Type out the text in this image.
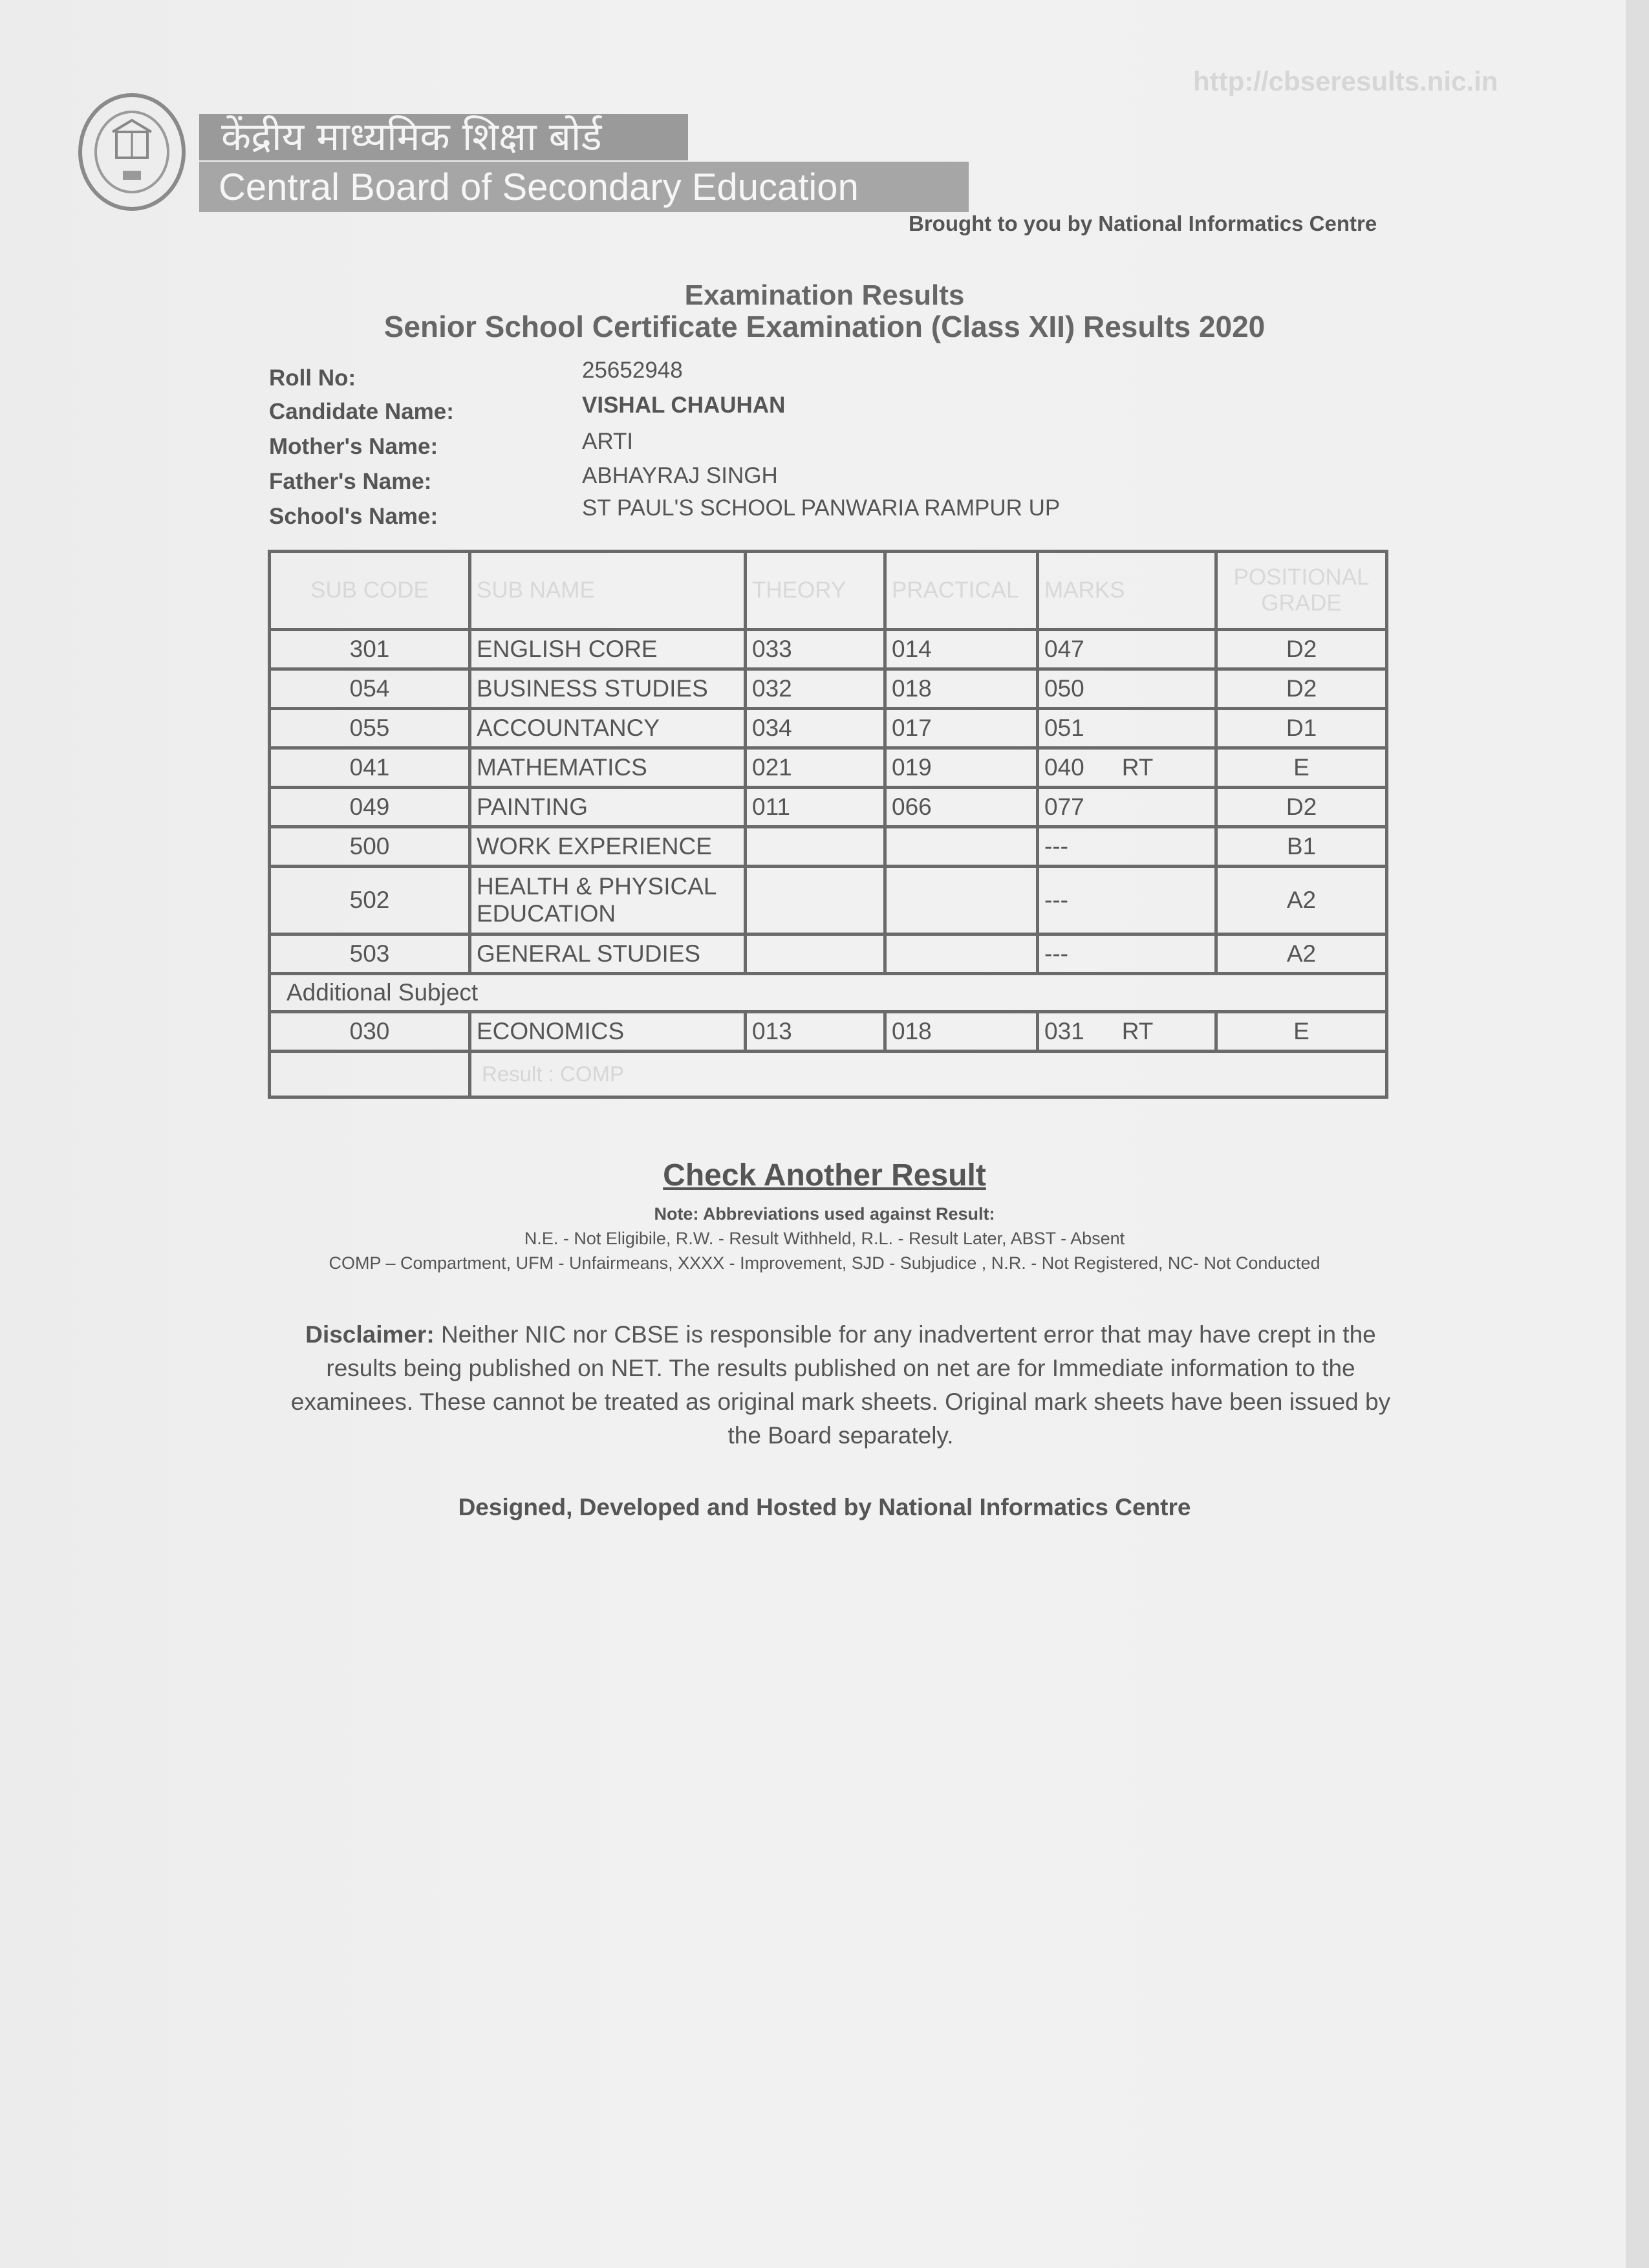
केंद्रीय माध्यमिक शिक्षा बोर्ड
Central Board of Secondary Education
http://cbseresults.nic.in
Brought to you by National Informatics Centre
Examination Results
Senior School Certificate Examination (Class XII) Results 2020
Roll No:	25652948
Candidate Name:	VISHAL CHAUHAN
Mother's Name:	ARTI
Father's Name:	ABHAYRAJ SINGH
School's Name:	ST PAUL'S SCHOOL PANWARIA RAMPUR UP
SUB CODE	SUB NAME	THEORY	PRACTICAL	MARKS	POSITIONAL GRADE
301	ENGLISH CORE	033	014	047	D2
054	BUSINESS STUDIES	032	018	050	D2
055	ACCOUNTANCY	034	017	051	D1
041	MATHEMATICS	021	019	040 RT	E
049	PAINTING	011	066	077	D2
500	WORK EXPERIENCE			---	B1
502	HEALTH & PHYSICAL EDUCATION			---	A2
503	GENERAL STUDIES			---	A2
Additional Subject					
030	ECONOMICS	013	018	031 RT	E
	Result : COMP				
Check Another Result
Note: Abbreviations used against Result:
N.E. - Not Eligibile, R.W. - Result Withheld, R.L. - Result Later, ABST - Absent
COMP – Compartment, UFM - Unfairmeans, XXXX - Improvement, SJD - Subjudice , N.R. - Not Registered, NC- Not Conducted
Disclaimer: Neither NIC nor CBSE is responsible for any inadvertent error that may have crept in the results being published on NET. The results published on net are for Immediate information to the examinees. These cannot be treated as original mark sheets. Original mark sheets have been issued by the Board separately.
Designed, Developed and Hosted by National Informatics Centre
